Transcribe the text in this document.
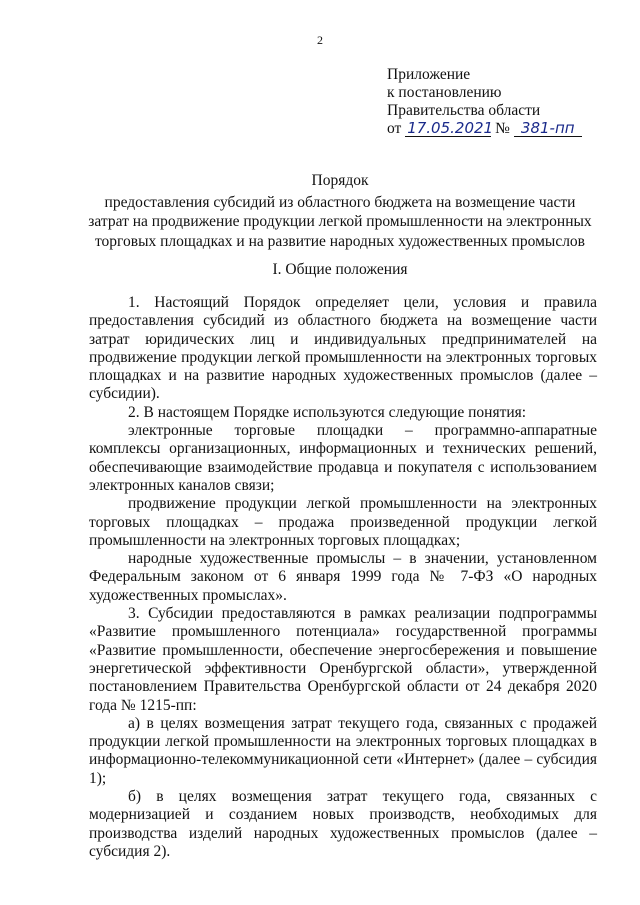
2
Приложение
к постановлению
Правительства области
от 17.05.2021 № 381-пп
Порядок
предоставления субсидий из областного бюджета на возмещение части
затрат на продвижение продукции легкой промышленности на электронных
торговых площадках и на развитие народных художественных промыслов
I. Общие положения

1. Настоящий Порядок определяет цели, условия и правила предоставления субсидий из областного бюджета на возмещение части затрат юридических лиц и индивидуальных предпринимателей на продвижение продукции легкой промышленности на электронных торговых площадках и на развитие народных художественных промыслов (далее – субсидии).

2. В настоящем Порядке используются следующие понятия:

электронные торговые площадки – программно-аппаратные комплексы организационных, информационных и технических решений, обеспечивающие взаимодействие продавца и покупателя с использованием электронных каналов связи;

продвижение продукции легкой промышленности на электронных торговых площадках – продажа произведенной продукции легкой промышленности на электронных торговых площадках;

народные художественные промыслы – в значении, установленном Федеральным законом от 6 января 1999 года № 7-ФЗ «О народных художественных промыслах».

3. Субсидии предоставляются в рамках реализации подпрограммы «Развитие промышленного потенциала» государственной программы «Развитие промышленности, обеспечение энергосбережения и повышение энергетической эффективности Оренбургской области», утвержденной постановлением Правительства Оренбургской области от 24 декабря 2020 года № 1215-пп:

а) в целях возмещения затрат текущего года, связанных с продажей продукции легкой промышленности на электронных торговых площадках в информационно-телекоммуникационной сети «Интернет» (далее – субсидия 1);

б) в целях возмещения затрат текущего года, связанных с модернизацией и созданием новых производств, необходимых для производства изделий народных художественных промыслов (далее – субсидия 2).
